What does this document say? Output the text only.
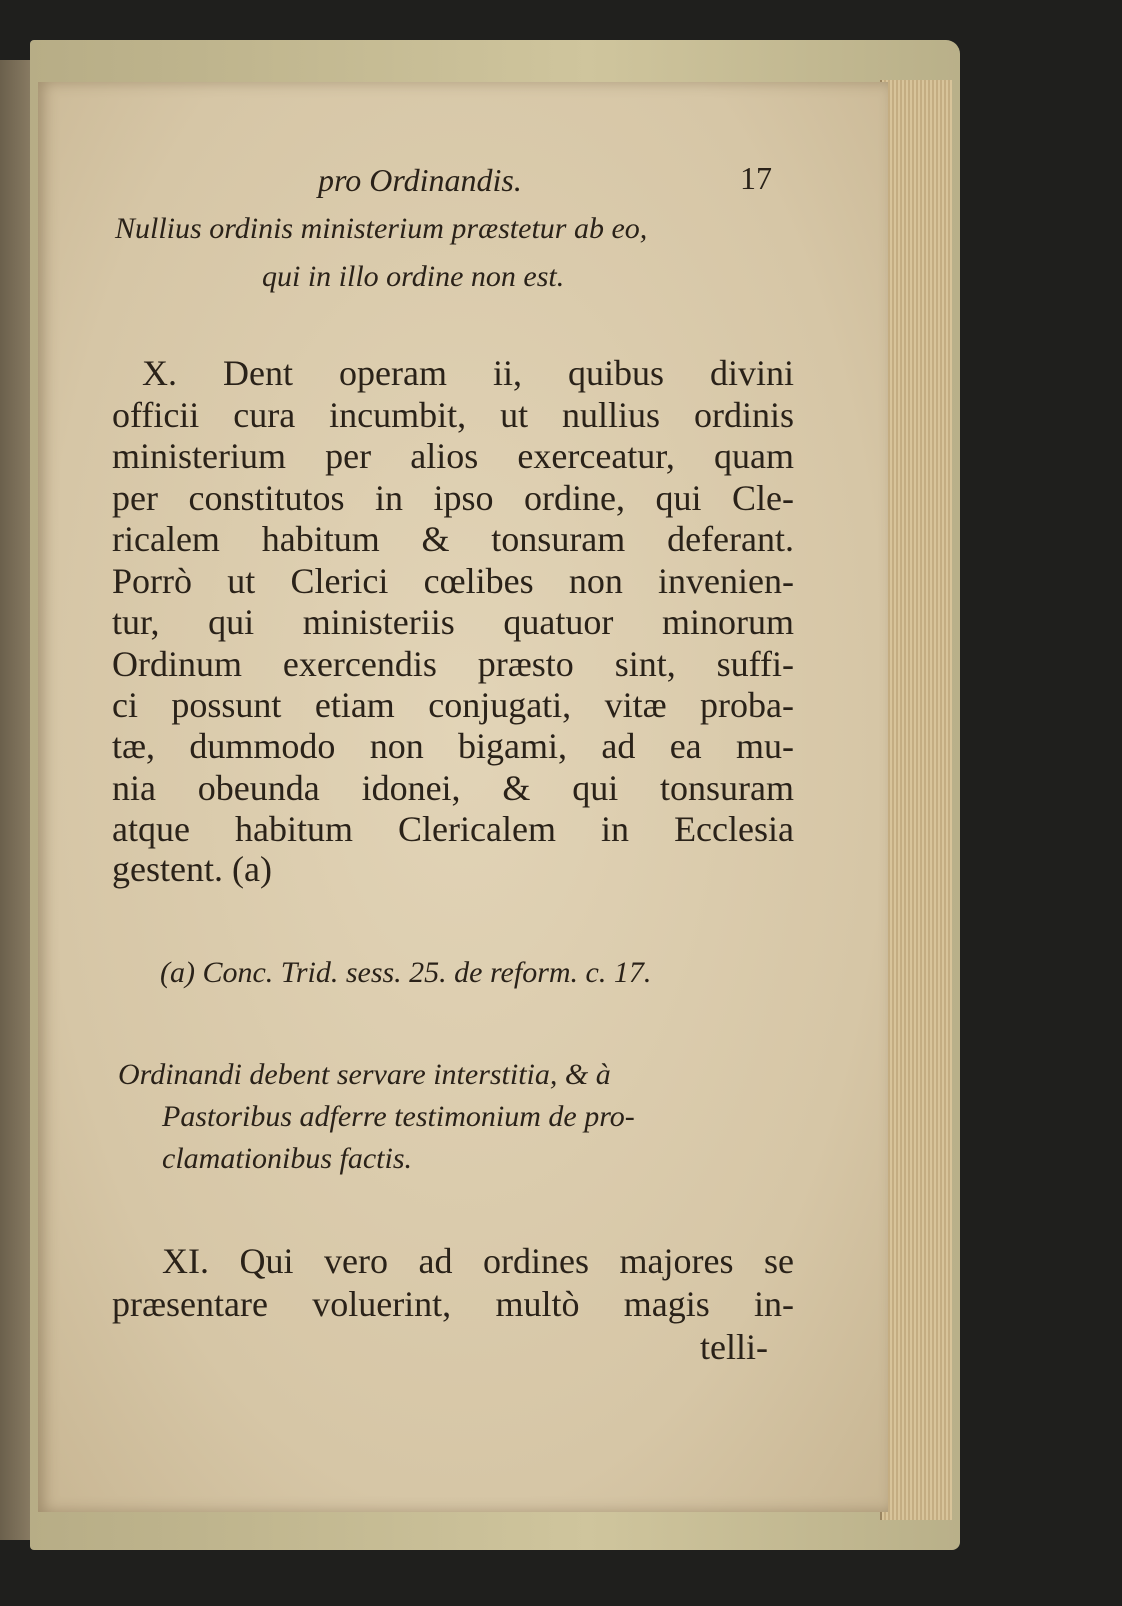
pro Ordinandis.	17
Nullius ordinis ministerium præstetur ab eo,
qui in illo ordine non est.
X. Dent operam ii, quibus divini
officii cura incumbit, ut nullius ordinis
ministerium per alios exerceatur, quam
per constitutos in ipso ordine, qui Cle-
ricalem habitum & tonsuram deferant.
Porrò ut Clerici cœlibes non invenien-
tur, qui ministeriis quatuor minorum
Ordinum exercendis præsto sint, suffi-
ci possunt etiam conjugati, vitæ proba-
tæ, dummodo non bigami, ad ea mu-
nia obeunda idonei, & qui tonsuram
atque habitum Clericalem in Ecclesia
gestent. (a)
(a) Conc. Trid. sess. 25. de reform. c. 17.
Ordinandi debent servare interstitia, & à
Pastoribus adferre testimonium de pro-
clamationibus factis.
XI. Qui vero ad ordines majores se
præsentare voluerint, multò magis in-
telli-
